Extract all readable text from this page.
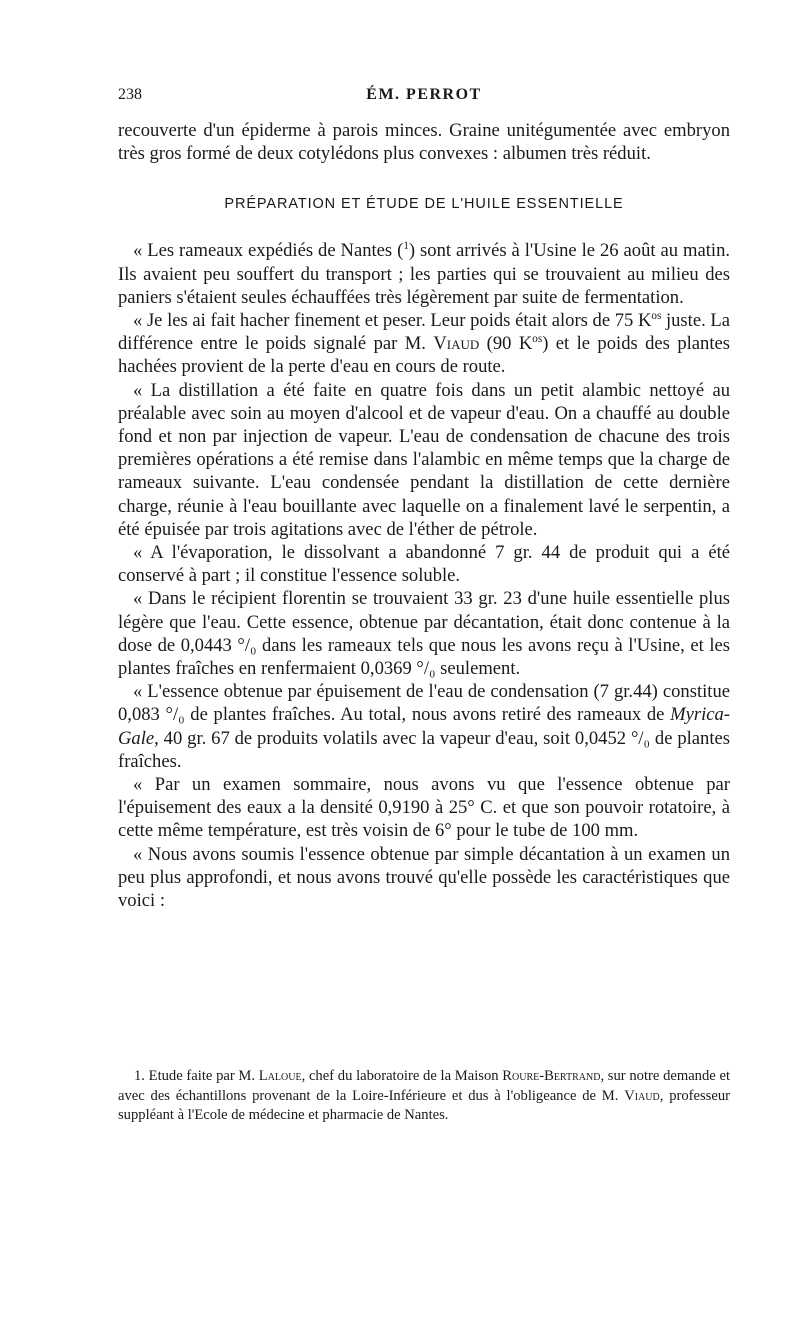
238	ÉM. PERROT

recouverte d'un épiderme à parois minces. Graine unitégumentée avec embryon très gros formé de deux cotylédons plus convexes : albumen très réduit.

PRÉPARATION ET ÉTUDE DE L'HUILE ESSENTIELLE

« Les rameaux expédiés de Nantes ($^1$) sont arrivés à l'Usine le 26 août au matin. Ils avaient peu souffert du transport ; les parties qui se trouvaient au milieu des paniers s'étaient seules échauffées très légèrement par suite de fermentation.

« Je les ai fait hacher finement et peser. Leur poids était alors de 75 $K^{os}$ juste. La différence entre le poids signalé par M. Viaud (90 $K^{os}$) et le poids des plantes hachées provient de la perte d'eau en cours de route.

« La distillation a été faite en quatre fois dans un petit alambic nettoyé au préalable avec soin au moyen d'alcool et de vapeur d'eau. On a chauffé au double fond et non par injection de vapeur. L'eau de condensation de chacune des trois premières opérations a été remise dans l'alambic en même temps que la charge de rameaux suivante. L'eau condensée pendant la distillation de cette dernière charge, réunie à l'eau bouillante avec laquelle on a finalement lavé le serpentin, a été épuisée par trois agitations avec de l'éther de pétrole.

« A l'évaporation, le dissolvant a abandonné 7 gr. 44 de produit qui a été conservé à part ; il constitue l'essence soluble.

« Dans le récipient florentin se trouvaient 33 gr. 23 d'une huile essentielle plus légère que l'eau. Cette essence, obtenue par décantation, était donc contenue à la dose de 0,0443 °/₀ dans les rameaux tels que nous les avons reçu à l'Usine, et les plantes fraîches en renfermaient 0,0369 °/₀ seulement.

« L'essence obtenue par épuisement de l'eau de condensation (7 gr.44) constitue 0,083 °/₀ de plantes fraîches. Au total, nous avons retiré des rameaux de Myrica-Gale, 40 gr. 67 de produits volatils avec la vapeur d'eau, soit 0,0452 °/₀ de plantes fraîches.

« Par un examen sommaire, nous avons vu que l'essence obtenue par l'épuisement des eaux a la densité 0,9190 à 25° C. et que son pouvoir rotatoire, à cette même température, est très voisin de 6° pour le tube de 100 mm.

« Nous avons soumis l'essence obtenue par simple décantation à un examen un peu plus approfondi, et nous avons trouvé qu'elle possède les caractéristiques que voici :

1. Etude faite par M. Laloue, chef du laboratoire de la Maison Roure-Bertrand, sur notre demande et avec des échantillons provenant de la Loire-Inférieure et dus à l'obligeance de M. Viaud, professeur suppléant à l'Ecole de médecine et pharmacie de Nantes.
